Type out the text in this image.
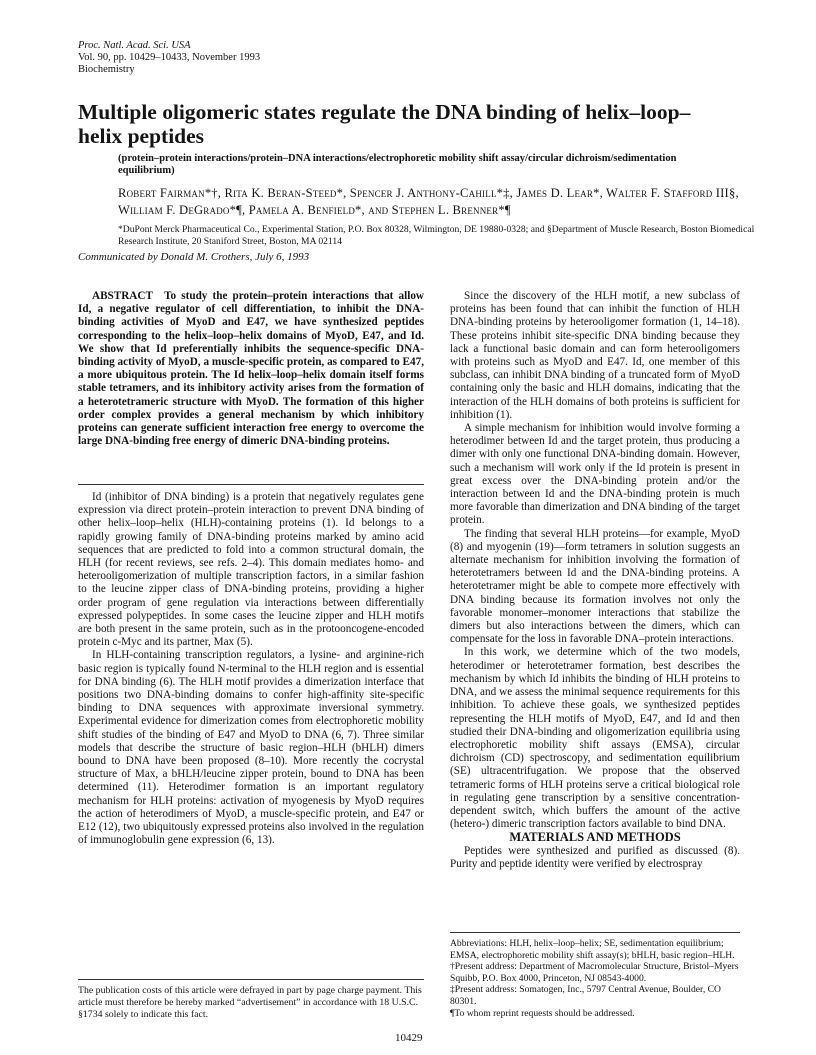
Proc. Natl. Acad. Sci. USA
Vol. 90, pp. 10429–10433, November 1993
Biochemistry
Multiple oligomeric states regulate the DNA binding of helix–loop–helix peptides
(protein–protein interactions/protein–DNA interactions/electrophoretic mobility shift assay/circular dichroism/sedimentation equilibrium)
Robert Fairman*†, Rita K. Beran-Steed*, Spencer J. Anthony-Cahill*‡, James D. Lear*, Walter F. Stafford III§, William F. DeGrado*¶, Pamela A. Benfield*, and Stephen L. Brenner*¶
*DuPont Merck Pharmaceutical Co., Experimental Station, P.O. Box 80328, Wilmington, DE 19880-0328; and §Department of Muscle Research, Boston Biomedical Research Institute, 20 Staniford Street, Boston, MA 02114
Communicated by Donald M. Crothers, July 6, 1993

ABSTRACT To study the protein–protein interactions that allow Id, a negative regulator of cell differentiation, to inhibit the DNA-binding activities of MyoD and E47, we have synthesized peptides corresponding to the helix–loop–helix domains of MyoD, E47, and Id. We show that Id preferentially inhibits the sequence-specific DNA-binding activity of MyoD, a muscle-specific protein, as compared to E47, a more ubiquitous protein. The Id helix–loop–helix domain itself forms stable tetramers, and its inhibitory activity arises from the formation of a heterotetrameric structure with MyoD. The formation of this higher order complex provides a general mechanism by which inhibitory proteins can generate sufficient interaction free energy to overcome the large DNA-binding free energy of dimeric DNA-binding proteins.

Id (inhibitor of DNA binding) is a protein that negatively regulates gene expression via direct protein–protein interaction to prevent DNA binding of other helix–loop–helix (HLH)-containing proteins (1). Id belongs to a rapidly growing family of DNA-binding proteins marked by amino acid sequences that are predicted to fold into a common structural domain, the HLH (for recent reviews, see refs. 2–4). This domain mediates homo- and heterooligomerization of multiple transcription factors, in a similar fashion to the leucine zipper class of DNA-binding proteins, providing a higher order program of gene regulation via interactions between differentially expressed polypeptides. In some cases the leucine zipper and HLH motifs are both present in the same protein, such as in the protooncogene-encoded protein c-Myc and its partner, Max (5).

In HLH-containing transcription regulators, a lysine- and arginine-rich basic region is typically found N-terminal to the HLH region and is essential for DNA binding (6). The HLH motif provides a dimerization interface that positions two DNA-binding domains to confer high-affinity site-specific binding to DNA sequences with approximate inversional symmetry. Experimental evidence for dimerization comes from electrophoretic mobility shift studies of the binding of E47 and MyoD to DNA (6, 7). Three similar models that describe the structure of basic region–HLH (bHLH) dimers bound to DNA have been proposed (8–10). More recently the cocrystal structure of Max, a bHLH/leucine zipper protein, bound to DNA has been determined (11). Heterodimer formation is an important regulatory mechanism for HLH proteins: activation of myogenesis by MyoD requires the action of heterodimers of MyoD, a muscle-specific protein, and E47 or E12 (12), two ubiquitously expressed proteins also involved in the regulation of immunoglobulin gene expression (6, 13).

The publication costs of this article were defrayed in part by page charge payment. This article must therefore be hereby marked “advertisement” in accordance with 18 U.S.C. §1734 solely to indicate this fact.

Since the discovery of the HLH motif, a new subclass of proteins has been found that can inhibit the function of HLH DNA-binding proteins by heterooligomer formation (1, 14–18). These proteins inhibit site-specific DNA binding because they lack a functional basic domain and can form heterooligomers with proteins such as MyoD and E47. Id, one member of this subclass, can inhibit DNA binding of a truncated form of MyoD containing only the basic and HLH domains, indicating that the interaction of the HLH domains of both proteins is sufficient for inhibition (1).

A simple mechanism for inhibition would involve forming a heterodimer between Id and the target protein, thus producing a dimer with only one functional DNA-binding domain. However, such a mechanism will work only if the Id protein is present in great excess over the DNA-binding protein and/or the interaction between Id and the DNA-binding protein is much more favorable than dimerization and DNA binding of the target protein.

The finding that several HLH proteins—for example, MyoD (8) and myogenin (19)—form tetramers in solution suggests an alternate mechanism for inhibition involving the formation of heterotetramers between Id and the DNA-binding proteins. A heterotetramer might be able to compete more effectively with DNA binding because its formation involves not only the favorable monomer–monomer interactions that stabilize the dimers but also interactions between the dimers, which can compensate for the loss in favorable DNA–protein interactions.

In this work, we determine which of the two models, heterodimer or heterotetramer formation, best describes the mechanism by which Id inhibits the binding of HLH proteins to DNA, and we assess the minimal sequence requirements for this inhibition. To achieve these goals, we synthesized peptides representing the HLH motifs of MyoD, E47, and Id and then studied their DNA-binding and oligomerization equilibria using electrophoretic mobility shift assays (EMSA), circular dichroism (CD) spectroscopy, and sedimentation equilibrium (SE) ultracentrifugation. We propose that the observed tetrameric forms of HLH proteins serve a critical biological role in regulating gene transcription by a sensitive concentration-dependent switch, which buffers the amount of the active (hetero-) dimeric transcription factors available to bind DNA.

MATERIALS AND METHODS

Peptides were synthesized and purified as discussed (8). Purity and peptide identity were verified by electrospray

Abbreviations: HLH, helix–loop–helix; SE, sedimentation equilibrium; EMSA, electrophoretic mobility shift assay(s); bHLH, basic region–HLH.
†Present address: Department of Macromolecular Structure, Bristol–Myers Squibb, P.O. Box 4000, Princeton, NJ 08543-4000.
‡Present address: Somatogen, Inc., 5797 Central Avenue, Boulder, CO 80301.
¶To whom reprint requests should be addressed.
10429
